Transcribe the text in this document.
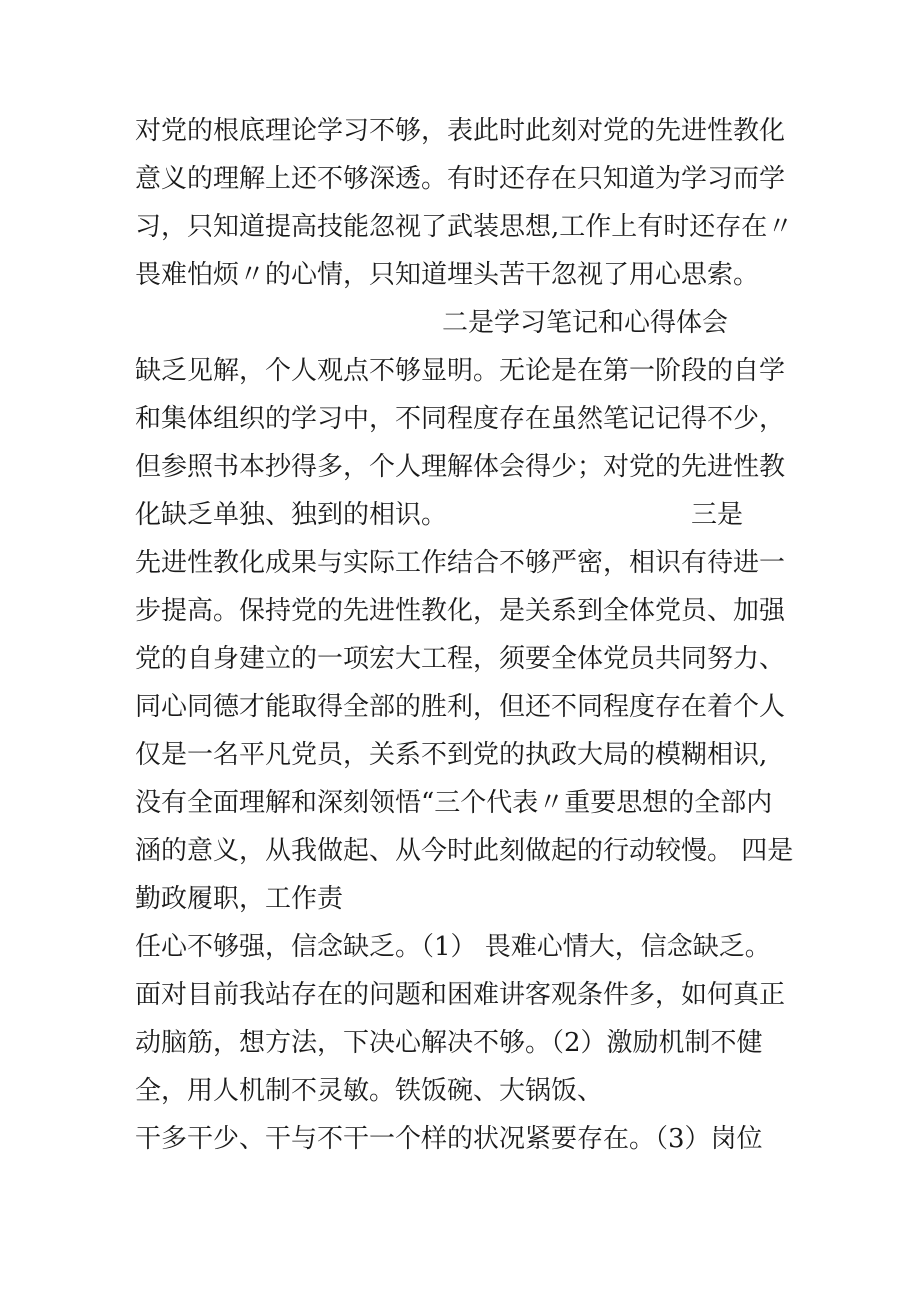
对党的根底理论学习不够，表此时此刻对党的先进性教化
意义的理解上还不够深透。有时还存在只知道为学习而学
习，只知道提高技能忽视了武装思想,工作上有时还存在〃
畏难怕烦〃的心情，只知道埋头苦干忽视了用心思索。
二是学习笔记和心得体会
缺乏见解，个人观点不够显明。无论是在第一阶段的自学
和集体组织的学习中，不同程度存在虽然笔记记得不少，
但参照书本抄得多，个人理解体会得少；对党的先进性教
化缺乏单独、独到的相识。	三是
先进性教化成果与实际工作结合不够严密，相识有待进一
步提高。保持党的先进性教化，是关系到全体党员、加强
党的自身建立的一项宏大工程，须要全体党员共同努力、
同心同德才能取得全部的胜利，但还不同程度存在着个人
仅是一名平凡党员，关系不到党的执政大局的模糊相识,
没有全面理解和深刻领悟“三个代表〃重要思想的全部内
涵的意义，从我做起、从今时此刻做起的行动较慢。 四是
勤政履职，工作责
任心不够强，信念缺乏。（1） 畏难心情大，信念缺乏。
面对目前我站存在的问题和困难讲客观条件多，如何真正
动脑筋，想方法，下决心解决不够。（2）激励机制不健
全，用人机制不灵敏。铁饭碗、大锅饭、
干多干少、干与不干一个样的状况紧要存在。（3）岗位
